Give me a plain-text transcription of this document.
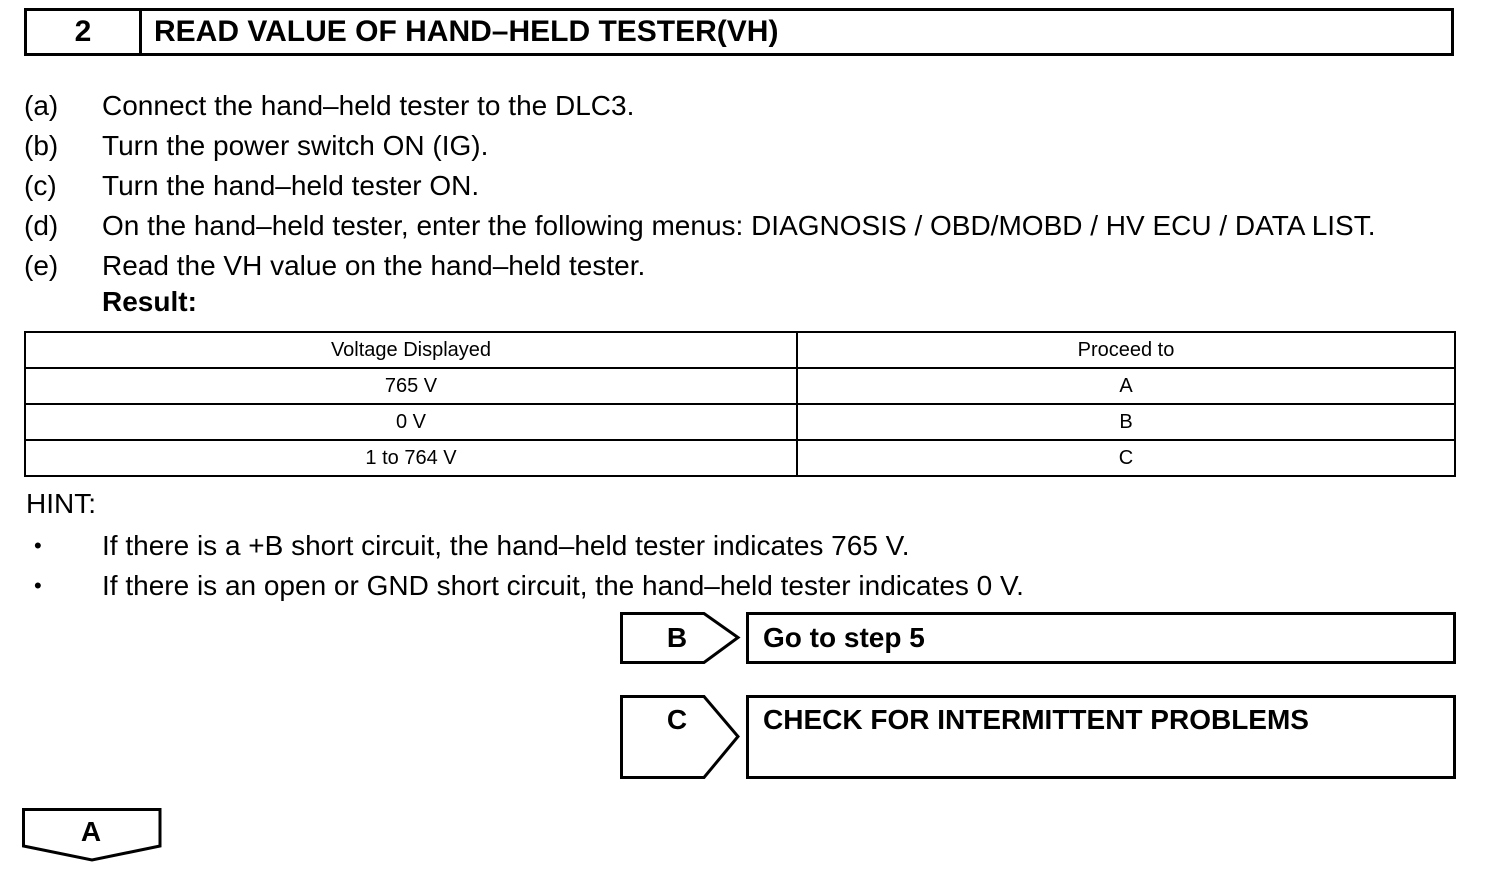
2	READ VALUE OF HAND–HELD TESTER(VH)
(a)	Connect the hand–held tester to the DLC3.
(b)	Turn the power switch ON (IG).
(c)	Turn the hand–held tester ON.
(d)	On the hand–held tester, enter the following menus: DIAGNOSIS / OBD/MOBD / HV ECU / DATA LIST.
(e)	Read the VH value on the hand–held tester.
Result:
Voltage Displayed	Proceed to
765 V	A
0 V	B
1 to 764 V	C
HINT:
•	If there is a +B short circuit, the hand–held tester indicates 765 V.
•	If there is an open or GND short circuit, the hand–held tester indicates 0 V.
B	Go to step 5
C	CHECK FOR INTERMITTENT PROBLEMS
A
